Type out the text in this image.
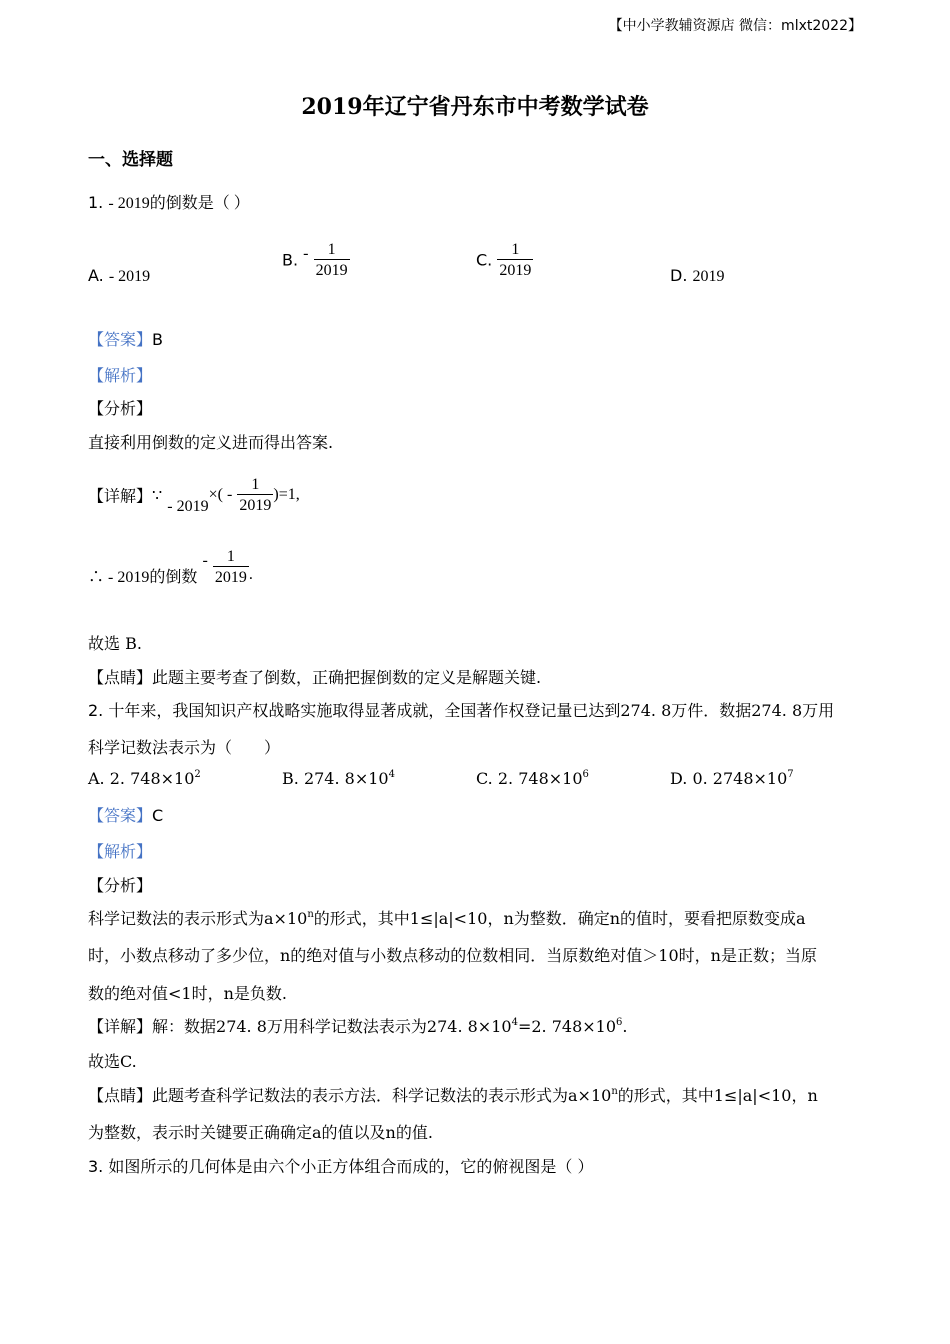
【中小学教辅资源店 微信：mlxt2022】
2019年辽宁省丹东市中考数学试卷
一、选择题
1. - 2019的倒数是（ ）
A. - 2019
B. - $\frac{1}{2019}$	C. $\frac{1}{2019}$	D. 2019
【答案】B
【解析】
【分析】
直接利用倒数的定义进而得出答案.
【详解】∵ - $2019\times( - \frac{1}{2019} )=1$,
∴ - 2019的倒数 - $\frac{1}{2019}$ .
故选 B.
【点睛】此题主要考查了倒数，正确把握倒数的定义是解题关键.
2. 十年来，我国知识产权战略实施取得显著成就，全国著作权登记量已达到274. 8万件．数据274. 8万用
科学记数法表示为（　　）
A. 2. $748\times 10^2$	B. 274. $8\times 10^4$	C. 2. $748\times 10^6$	D. 0. $2748\times 10^7$
【答案】C
【解析】
【分析】
科学记数法的表示形式为$a\times 10^n$的形式，其中1≤|a|<10，n为整数．确定n的值时，要看把原数变成a
时，小数点移动了多少位，n的绝对值与小数点移动的位数相同．当原数绝对值＞10时，n是正数；当原
数的绝对值<1时，n是负数.
【详解】解：数据274. 8万用科学记数法表示为274. $8\times 10^4=2$. $748\times 10^6$.
故选C.
【点睛】此题考查科学记数法的表示方法．科学记数法的表示形式为$a\times 10^n$的形式，其中1≤|a|<10，n
为整数，表示时关键要正确确定a的值以及n的值.
3. 如图所示的几何体是由六个小正方体组合而成的，它的俯视图是（ ）
